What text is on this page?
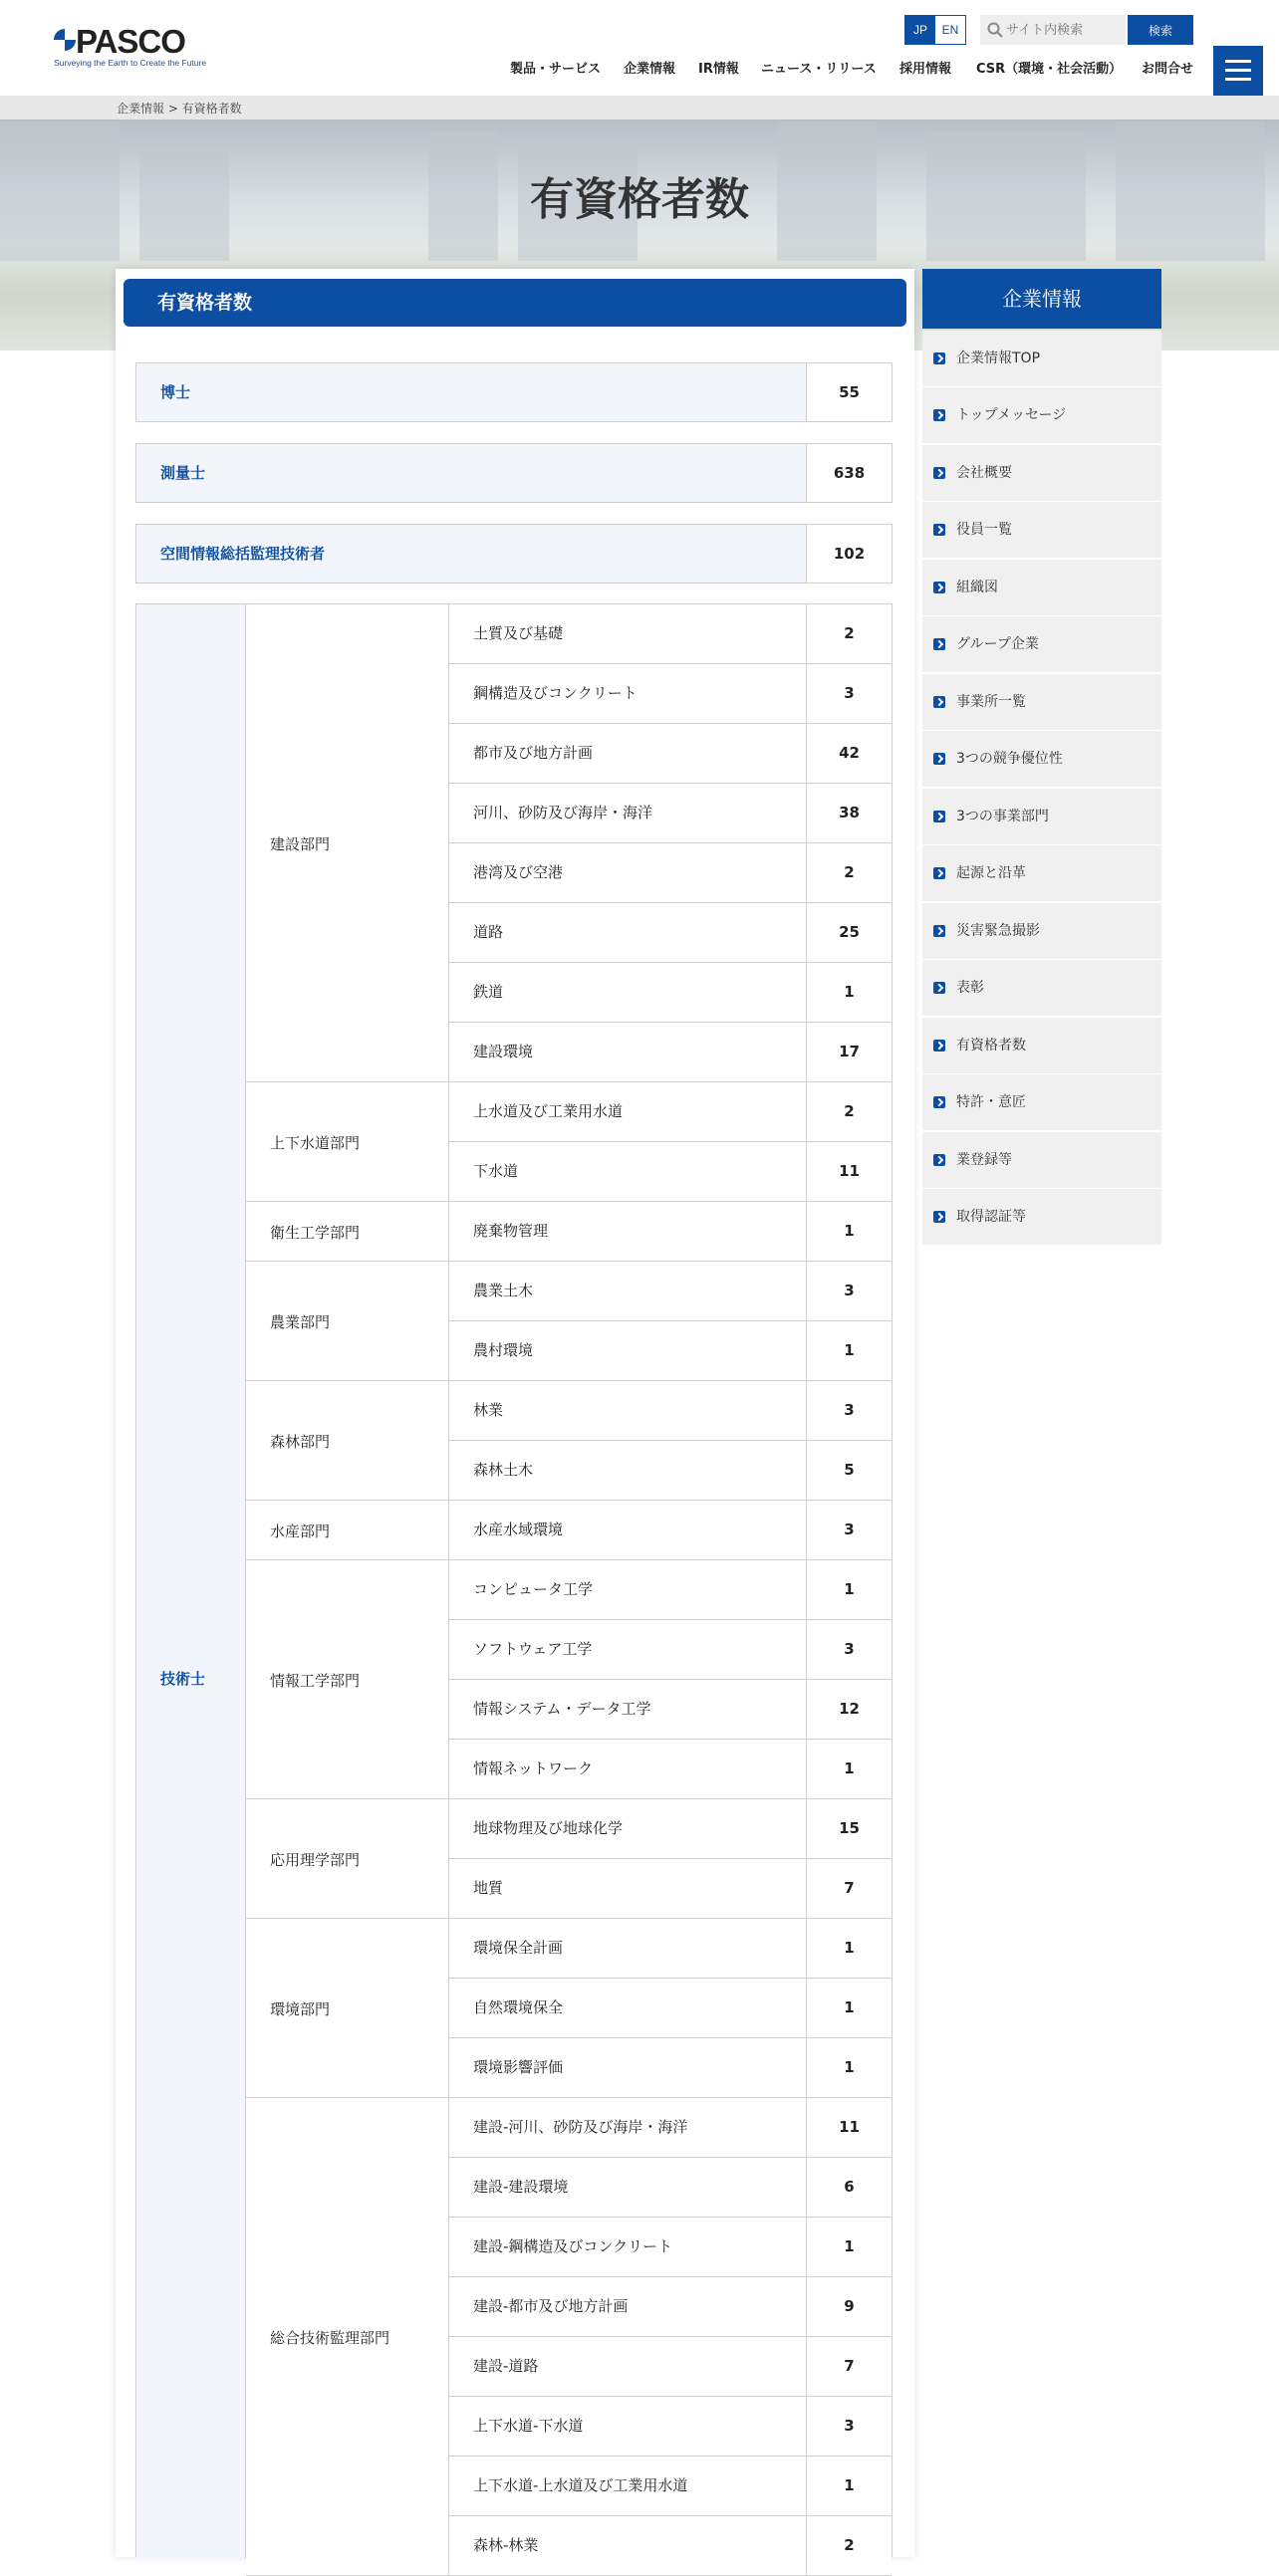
PASCO
Surveying the Earth to Create the Future
JP	EN
サイト内検索	検索
製品・サービス 企業情報 IR情報 ニュース・リリース 採用情報 CSR（環境・社会活動） お問合せ
企業情報 > 有資格者数
有資格者数
有資格者数
博士	55
測量士	638
空間情報総括監理技術者	102
技術士
建設部門
土質及び基礎	2
鋼構造及びコンクリート	3
都市及び地方計画	42
河川、砂防及び海岸・海洋	38
港湾及び空港	2
道路	25
鉄道	1
建設環境	17
上下水道部門
上水道及び工業用水道	2
下水道	11
衛生工学部門	廃棄物管理	1
農業部門
農業土木	3
農村環境	1
森林部門
林業	3
森林土木	5
水産部門	水産水域環境	3
情報工学部門
コンピュータ工学	1
ソフトウェア工学	3
情報システム・データ工学	12
情報ネットワーク	1
応用理学部門
地球物理及び地球化学	15
地質	7
環境部門
環境保全計画	1
自然環境保全	1
環境影響評価	1
総合技術監理部門
建設-河川、砂防及び海岸・海洋	11
建設-建設環境	6
建設-鋼構造及びコンクリート	1
建設-都市及び地方計画	9
建設-道路	7
上下水道-下水道	3
上下水道-上水道及び工業用水道	1
森林-林業	2
企業情報
企業情報TOP
トップメッセージ
会社概要
役員一覧
組織図
グループ企業
事業所一覧
3つの競争優位性
3つの事業部門
起源と沿革
災害緊急撮影
表彰
有資格者数
特許・意匠
業登録等
取得認証等
